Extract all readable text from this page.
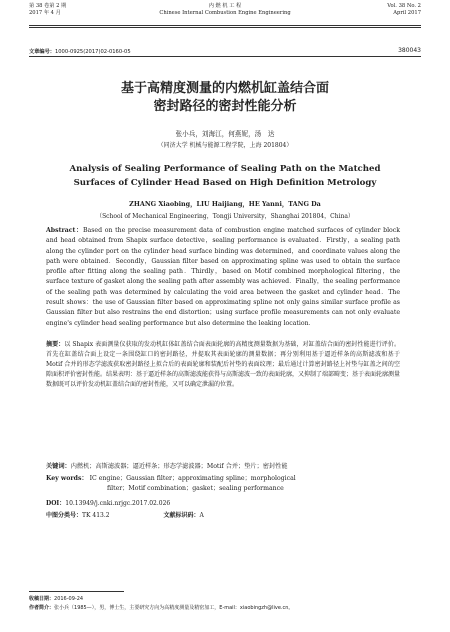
第 38 卷第 2 期
2017 年 4 月
内 燃 机 工 程
Chinese Internal Combustion Engine Engineering
Vol. 38 No. 2
April 2017
文章编号：1000-0925(2017)02-0160-05	380043
基于高精度测量的内燃机缸盖结合面
密封路径的密封性能分析
张小兵，刘海江，何燕妮，汤　达
（同济大学 机械与能源工程学院，上海 201804）
Analysis of Sealing Performance of Sealing Path on the Matched
Surfaces of Cylinder Head Based on High Definition Metrology
ZHANG Xiaobing，LIU Haijiang，HE Yanni，TANG Da
（School of Mechanical Engineering，Tongji University，Shanghai 201804，China）
Abstract：Based on the precise measurement data of combustion engine matched surfaces of cylinder block and head obtained from Shapix surface detective，sealing performance is evaluated．Firstly，a sealing path along the cylinder port on the cylinder head surface binding was determined，and coordinate values along the path were obtained．Secondly，Gaussian filter based on approximating spline was used to obtain the surface profile after fitting along the sealing path．Thirdly，based on Motif combined morphological filtering，the surface texture of gasket along the sealing path after assembly was achieved．Finally，the sealing performance of the sealing path was determined by calculating the void area between the gasket and cylinder head．The result shows：the use of Gaussian filter based on approximating spline not only gains similar surface profile as Gaussian filter but also restrains the end distortion；using surface profile measurements can not only evaluate engine's cylinder head sealing performance but also determine the leaking location．
摘要：以 Shapix 表面测量仪获取的发动机缸体缸盖结合面表面轮廓的高精度测量数据为基础，对缸盖结合面的密封性能进行评价。首先在缸盖结合面上设定一条围绕缸口的密封路径，并提取其表面轮廓的测量数据；再分别利用基于逼近样条的高斯滤波和基于 Motif 合并的形态学滤波获取密封路径上拟合后的表面轮廓和装配后衬垫的表面纹理；最后通过计算密封路径上衬垫与缸盖之间的空隙面积评价密封性能。结果表明：基于逼近样条的高斯滤波能获得与高斯滤波一致的表面轮廓，又抑制了端部畸变；基于表面轮廓测量数据既可以评价发动机缸盖结合面的密封性能，又可以确定泄漏的位置。
关键词：内燃机；高斯滤波器；逼近样条；形态学滤波器；Motif 合并；垫片；密封性能
Key words： IC engine；Gaussian filter；approximating spline；morphological
filter；Motif combination；gasket；sealing performance
DOI：10.13949/j.cnki.nrjgc.2017.02.026
中图分类号：TK 413.2	文献标识码：A
收稿日期：2016-09-24
作者简介：张小兵（1985—），男，博士生，主要研究方向为高精度测量及精密加工，E-mail：xiaobingzh@live.cn。
